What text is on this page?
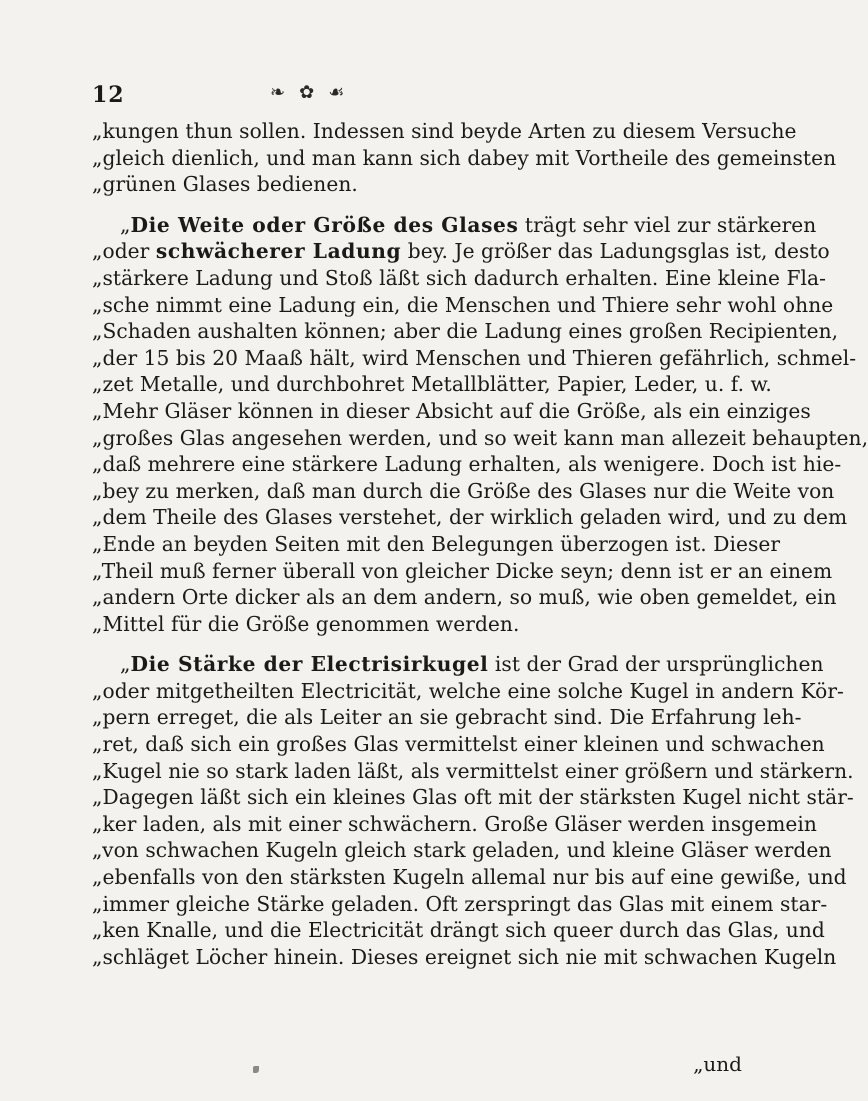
12	❧ ✿ ☙
„kungen thun sollen. Indessen sind beyde Arten zu diesem Versuche
„gleich dienlich, und man kann sich dabey mit Vortheile des gemeinsten
„grünen Glases bedienen.
„Die Weite oder Größe des Glases trägt sehr viel zur stärkeren
„oder schwächerer Ladung bey. Je größer das Ladungsglas ist, desto
„stärkere Ladung und Stoß läßt sich dadurch erhalten. Eine kleine Fla-
„sche nimmt eine Ladung ein, die Menschen und Thiere sehr wohl ohne
„Schaden aushalten können; aber die Ladung eines großen Recipienten,
„der 15 bis 20 Maaß hält, wird Menschen und Thieren gefährlich, schmel-
„zet Metalle, und durchbohret Metallblätter, Papier, Leder, u. f. w.
„Mehr Gläser können in dieser Absicht auf die Größe, als ein einziges
„großes Glas angesehen werden, und so weit kann man allezeit behaupten,
„daß mehrere eine stärkere Ladung erhalten, als wenigere. Doch ist hie-
„bey zu merken, daß man durch die Größe des Glases nur die Weite von
„dem Theile des Glases verstehet, der wirklich geladen wird, und zu dem
„Ende an beyden Seiten mit den Belegungen überzogen ist. Dieser
„Theil muß ferner überall von gleicher Dicke seyn; denn ist er an einem
„andern Orte dicker als an dem andern, so muß, wie oben gemeldet, ein
„Mittel für die Größe genommen werden.
„Die Stärke der Electrisirkugel ist der Grad der ursprünglichen
„oder mitgetheilten Electricität, welche eine solche Kugel in andern Kör-
„pern erreget, die als Leiter an sie gebracht sind. Die Erfahrung leh-
„ret, daß sich ein großes Glas vermittelst einer kleinen und schwachen
„Kugel nie so stark laden läßt, als vermittelst einer größern und stärkern.
„Dagegen läßt sich ein kleines Glas oft mit der stärksten Kugel nicht stär-
„ker laden, als mit einer schwächern. Große Gläser werden insgemein
„von schwachen Kugeln gleich stark geladen, und kleine Gläser werden
„ebenfalls von den stärksten Kugeln allemal nur bis auf eine gewiße, und
„immer gleiche Stärke geladen. Oft zerspringt das Glas mit einem star-
„ken Knalle, und die Electricität drängt sich queer durch das Glas, und
„schläget Löcher hinein. Dieses ereignet sich nie mit schwachen Kugeln
„und
